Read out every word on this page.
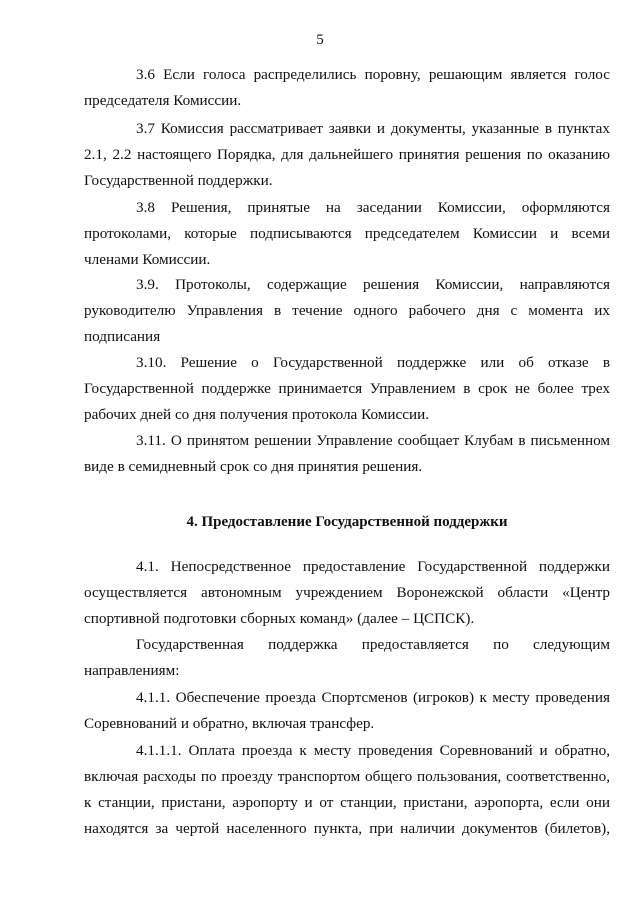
5
3.6 Если голоса распределились поровну, решающим является голос
председателя Комиссии.
3.7 Комиссия рассматривает заявки и документы, указанные в пунктах
2.1, 2.2 настоящего Порядка, для дальнейшего принятия решения по оказанию
Государственной поддержки.
3.8 Решения, принятые на заседании Комиссии, оформляются
протоколами, которые подписываются председателем Комиссии и всеми
членами Комиссии.
3.9. Протоколы, содержащие решения Комиссии, направляются
руководителю Управления в течение одного рабочего дня с момента их
подписания
3.10. Решение о Государственной поддержке или об отказе в
Государственной поддержке принимается Управлением в срок не более трех
рабочих дней со дня получения протокола Комиссии.
3.11. О принятом решении Управление сообщает Клубам в письменном
виде в семидневный срок со дня принятия решения.
4. Предоставление Государственной поддержки
4.1. Непосредственное предоставление Государственной поддержки
осуществляется автономным учреждением Воронежской области «Центр
спортивной подготовки сборных команд» (далее – ЦСПСК).
Государственная поддержка предоставляется по следующим
направлениям:
4.1.1. Обеспечение проезда Спортсменов (игроков) к месту проведения
Соревнований и обратно, включая трансфер.
4.1.1.1. Оплата проезда к месту проведения Соревнований и обратно,
включая расходы по проезду транспортом общего пользования, соответственно,
к станции, пристани, аэропорту и от станции, пристани, аэропорта, если они
находятся за чертой населенного пункта, при наличии документов (билетов),
